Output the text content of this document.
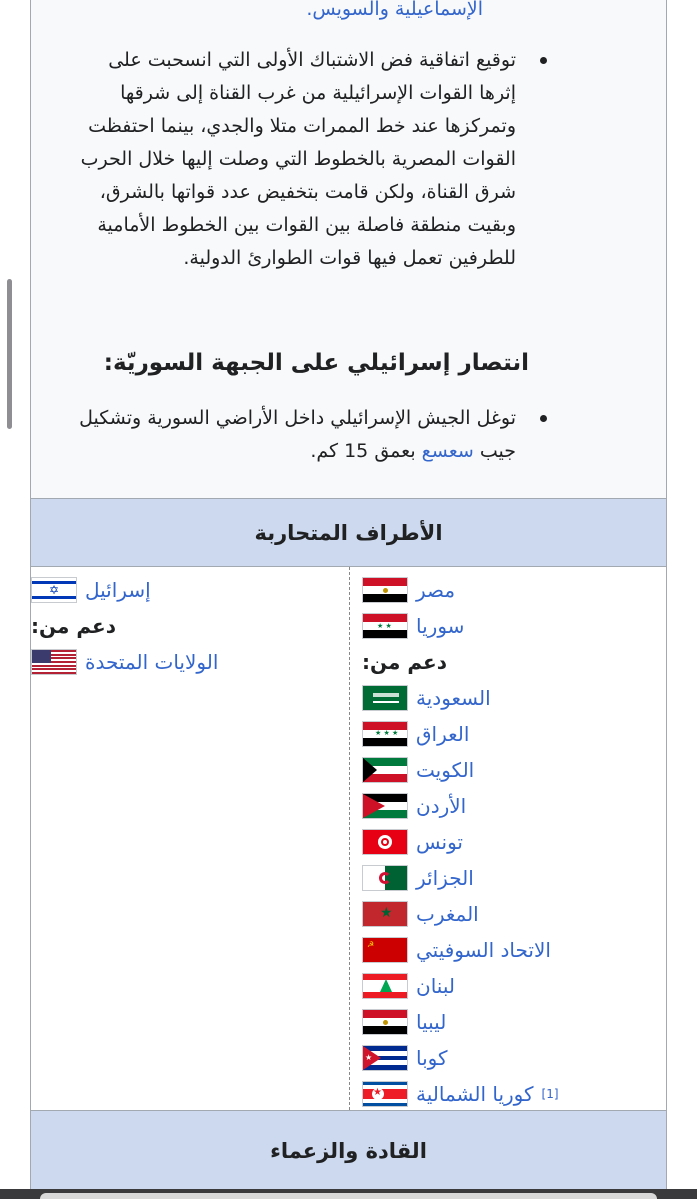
الإسماعيلية والسويس.
توقيع اتفاقية فض الاشتباك الأولى التي انسحبت على إثرها القوات الإسرائيلية من غرب القناة إلى شرقها وتمركزها عند خط الممرات متلا والجدي، بينما احتفظت القوات المصرية بالخطوط التي وصلت إليها خلال الحرب شرق القناة، ولكن قامت بتخفيض عدد قواتها بالشرق، وبقيت منطقة فاصلة بين القوات بين الخطوط الأمامية للطرفين تعمل فيها قوات الطوارئ الدولية.
انتصار إسرائيلي على الجبهة السوريّة:
توغل الجيش الإسرائيلي داخل الأراضي السورية وتشكيل جيب سعسع بعمق 15 كم.
الأطراف المتحاربة
مصر
★ ★ سوريا
دعم من:
السعودية
★ ★ ★ العراق
الكويت
الأردن
تونس
الجزائر
★ المغرب
☭ الاتحاد السوفيتي
لبنان
ليبيا
★ كوبا
★ كوريا الشمالية [1]
✡ إسرائيل
دعم من:
الولايات المتحدة
القادة والزعماء
